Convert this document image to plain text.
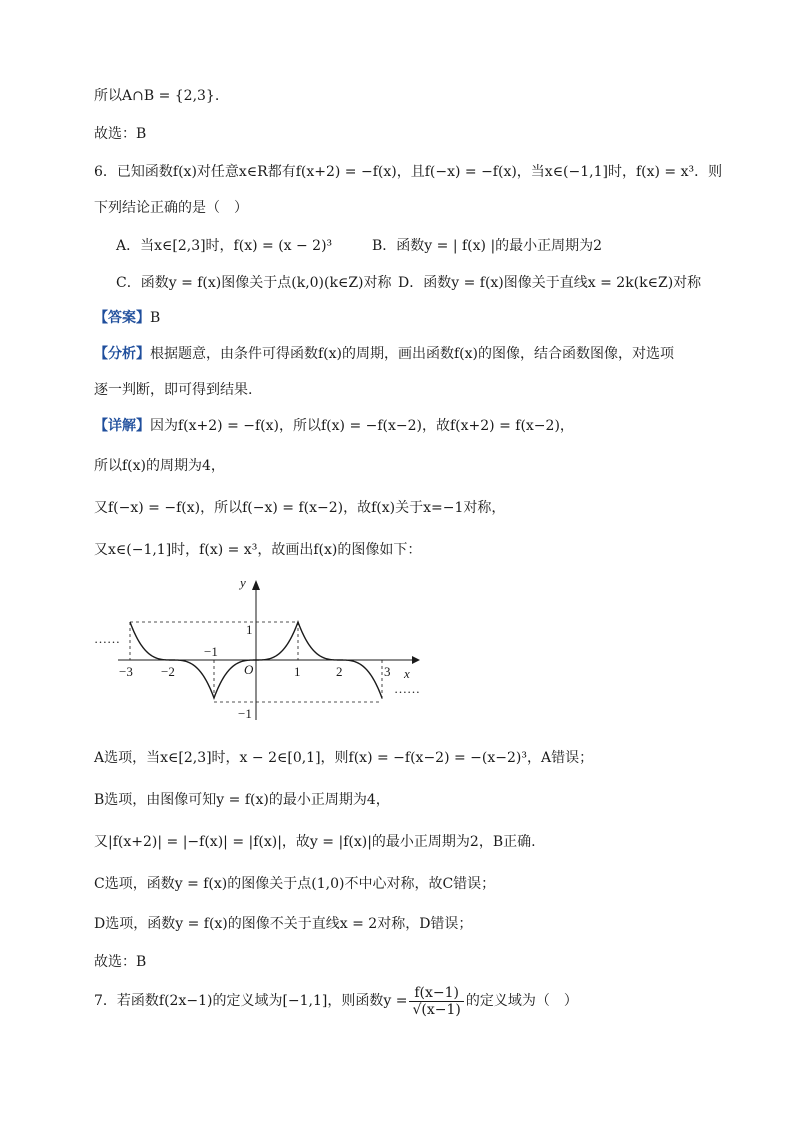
所以A∩B = {2,3}.
故选：B
6．已知函数f(x)对任意x∈R都有f(x+2) = −f(x)，且f(−x) = −f(x)，当x∈(−1,1]时，f(x) = x³．则
下列结论正确的是（　）
A．当x∈[2,3]时，f(x) = (x − 2)³	B．函数y = | f(x) |的最小正周期为2
C．函数y = f(x)图像关于点(k,0)(k∈Z)对称 D．函数y = f(x)图像关于直线x = 2k(k∈Z)对称
【答案】B
【分析】根据题意，由条件可得函数f(x)的周期，画出函数f(x)的图像，结合函数图像，对选项
逐一判断，即可得到结果.
【详解】因为f(x+2) = −f(x)，所以f(x) = −f(x−2)，故f(x+2) = f(x−2)，
所以f(x)的周期为4，
又f(−x) = −f(x)，所以f(−x) = f(x−2)，故f(x)关于x=−1对称，
又x∈(−1,1]时，f(x) = x³，故画出f(x)的图像如下：
y
x
O
−3 −2
−1
1	2	3
1
−1
……
……
A选项，当x∈[2,3]时，x − 2∈[0,1]，则f(x) = −f(x−2) = −(x−2)³，A错误；
B选项，由图像可知y = f(x)的最小正周期为4，
又|f(x+2)| = |−f(x)| = |f(x)|，故y = |f(x)|的最小正周期为2，B正确.
C选项，函数y = f(x)的图像关于点(1,0)不中心对称，故C错误；
D选项，函数y = f(x)的图像不关于直线x = 2对称，D错误；
故选：B
7．若函数f(2x−1)的定义域为[−1,1]，则函数$y = \frac{f(x-1)}{√(x-1)}$ 的定义域为（　）
